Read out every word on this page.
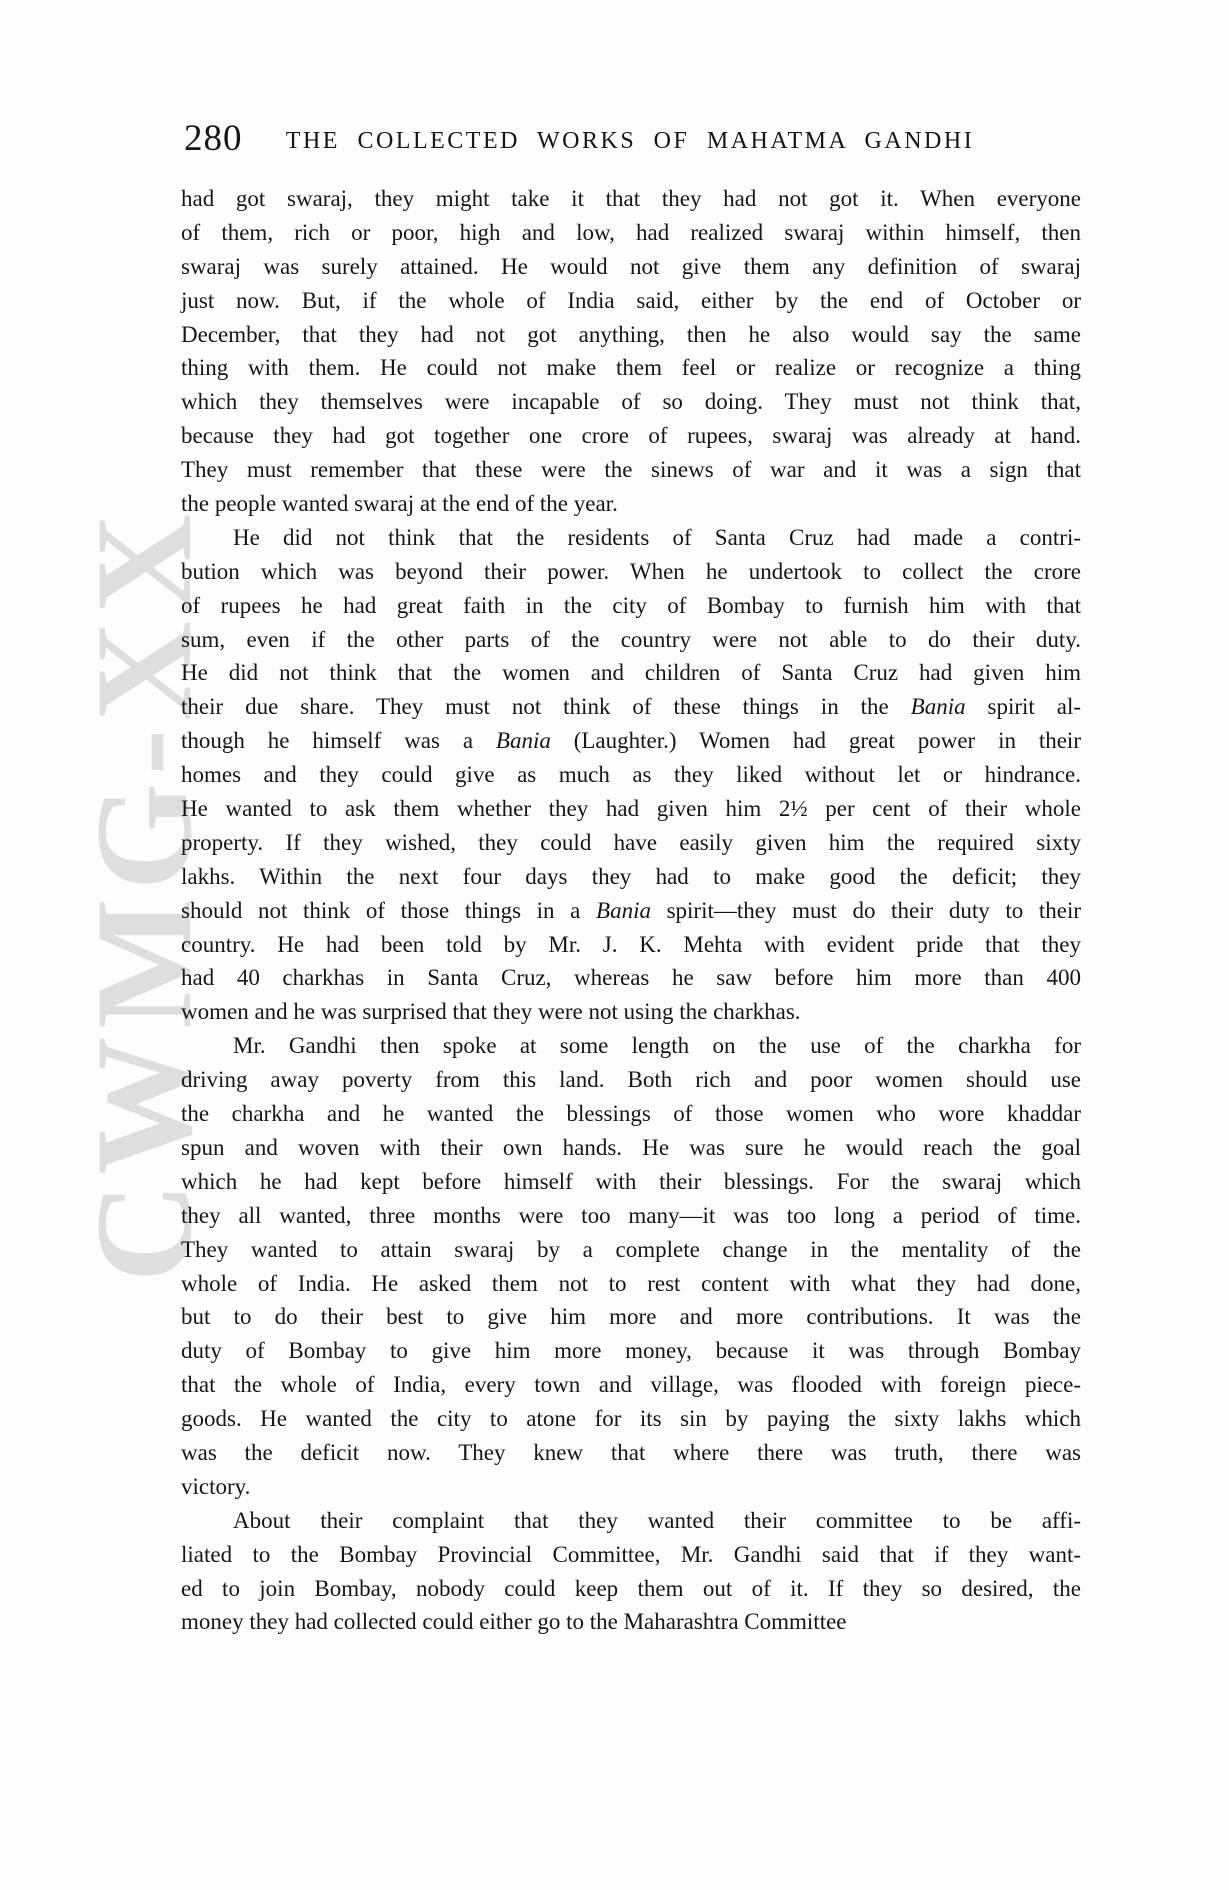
CWMG-XX
280	THE COLLECTED WORKS OF MAHATMA GANDHI
had got swaraj, they might take it that they had not got it. When everyone
of them, rich or poor, high and low, had realized swaraj within himself, then
swaraj was surely attained. He would not give them any definition of swaraj
just now. But, if the whole of India said, either by the end of October or
December, that they had not got anything, then he also would say the same
thing with them. He could not make them feel or realize or recognize a thing
which they themselves were incapable of so doing. They must not think that,
because they had got together one crore of rupees, swaraj was already at hand.
They must remember that these were the sinews of war and it was a sign that
the people wanted swaraj at the end of the year.
He did not think that the residents of Santa Cruz had made a contri-
bution which was beyond their power. When he undertook to collect the crore
of rupees he had great faith in the city of Bombay to furnish him with that
sum, even if the other parts of the country were not able to do their duty.
He did not think that the women and children of Santa Cruz had given him
their due share. They must not think of these things in the Bania spirit al-
though he himself was a Bania (Laughter.) Women had great power in their
homes and they could give as much as they liked without let or hindrance.
He wanted to ask them whether they had given him 2½ per cent of their whole
property. If they wished, they could have easily given him the required sixty
lakhs. Within the next four days they had to make good the deficit; they
should not think of those things in a Bania spirit—they must do their duty to their
country. He had been told by Mr. J. K. Mehta with evident pride that they
had 40 charkhas in Santa Cruz, whereas he saw before him more than 400
women and he was surprised that they were not using the charkhas.
Mr. Gandhi then spoke at some length on the use of the charkha for
driving away poverty from this land. Both rich and poor women should use
the charkha and he wanted the blessings of those women who wore khaddar
spun and woven with their own hands. He was sure he would reach the goal
which he had kept before himself with their blessings. For the swaraj which
they all wanted, three months were too many—it was too long a period of time.
They wanted to attain swaraj by a complete change in the mentality of the
whole of India. He asked them not to rest content with what they had done,
but to do their best to give him more and more contributions. It was the
duty of Bombay to give him more money, because it was through Bombay
that the whole of India, every town and village, was flooded with foreign piece-
goods. He wanted the city to atone for its sin by paying the sixty lakhs which
was the deficit now. They knew that where there was truth, there was
victory.
About their complaint that they wanted their committee to be affi-
liated to the Bombay Provincial Committee, Mr. Gandhi said that if they want-
ed to join Bombay, nobody could keep them out of it. If they so desired, the
money they had collected could either go to the Maharashtra Committee
